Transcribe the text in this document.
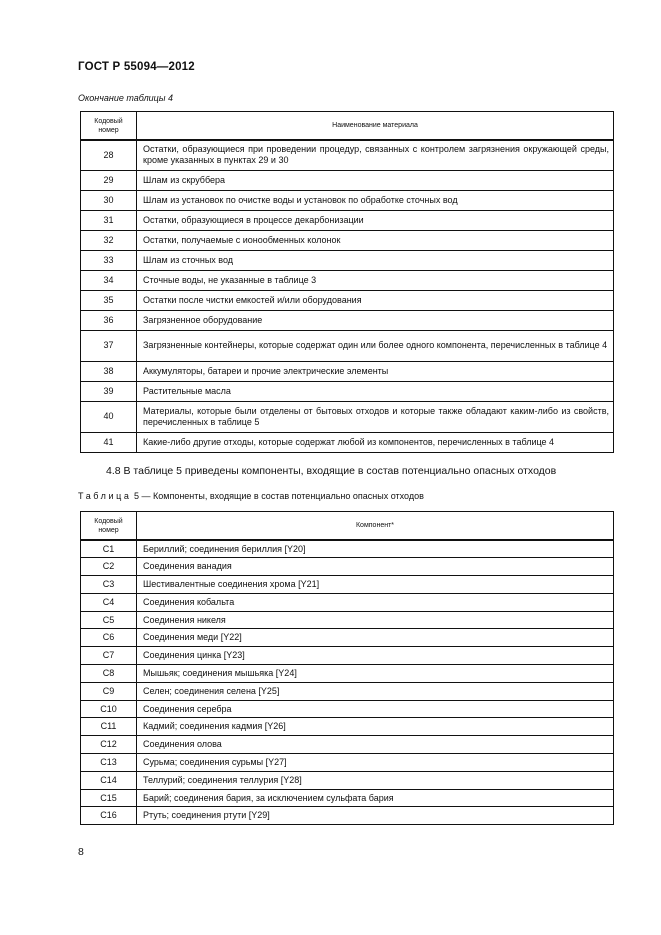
ГОСТ Р 55094—2012
Окончание таблицы 4
Кодовый
номер	Наименование материала
28	Остатки, образующиеся при проведении процедур, связанных с контролем загрязнения окружающей среды, кроме указанных в пунктах 29 и 30
29	Шлам из скруббера
30	Шлам из установок по очистке воды и установок по обработке сточных вод
31	Остатки, образующиеся в процессе декарбонизации
32	Остатки, получаемые с ионообменных колонок
33	Шлам из сточных вод
34	Сточные воды, не указанные в таблице 3
35	Остатки после чистки емкостей и/или оборудования
36	Загрязненное оборудование
37	Загрязненные контейнеры, которые содержат один или более одного компонента, перечисленных в таблице 4
38	Аккумуляторы, батареи и прочие электрические элементы
39	Растительные масла
40	Материалы, которые были отделены от бытовых отходов и которые также обладают каким-либо из свойств, перечисленных в таблице 5
41	Какие-либо другие отходы, которые содержат любой из компонентов, перечисленных в таблице 4
4.8 В таблице 5 приведены компоненты, входящие в состав потенциально опасных отходов
Таблица 5 — Компоненты, входящие в состав потенциально опасных отходов
Кодовый
номер	Компонент*
C1	Бериллий; соединения бериллия [Y20]
C2	Соединения ванадия
C3	Шестивалентные соединения хрома [Y21]
C4	Соединения кобальта
C5	Соединения никеля
C6	Соединения меди [Y22]
C7	Соединения цинка [Y23]
C8	Мышьяк; соединения мышьяка [Y24]
C9	Селен; соединения селена [Y25]
C10	Соединения серебра
C11	Кадмий; соединения кадмия [Y26]
C12	Соединения олова
C13	Сурьма; соединения сурьмы [Y27]
C14	Теллурий; соединения теллурия [Y28]
C15	Барий; соединения бария, за исключением сульфата бария
C16	Ртуть; соединения ртути [Y29]
8
